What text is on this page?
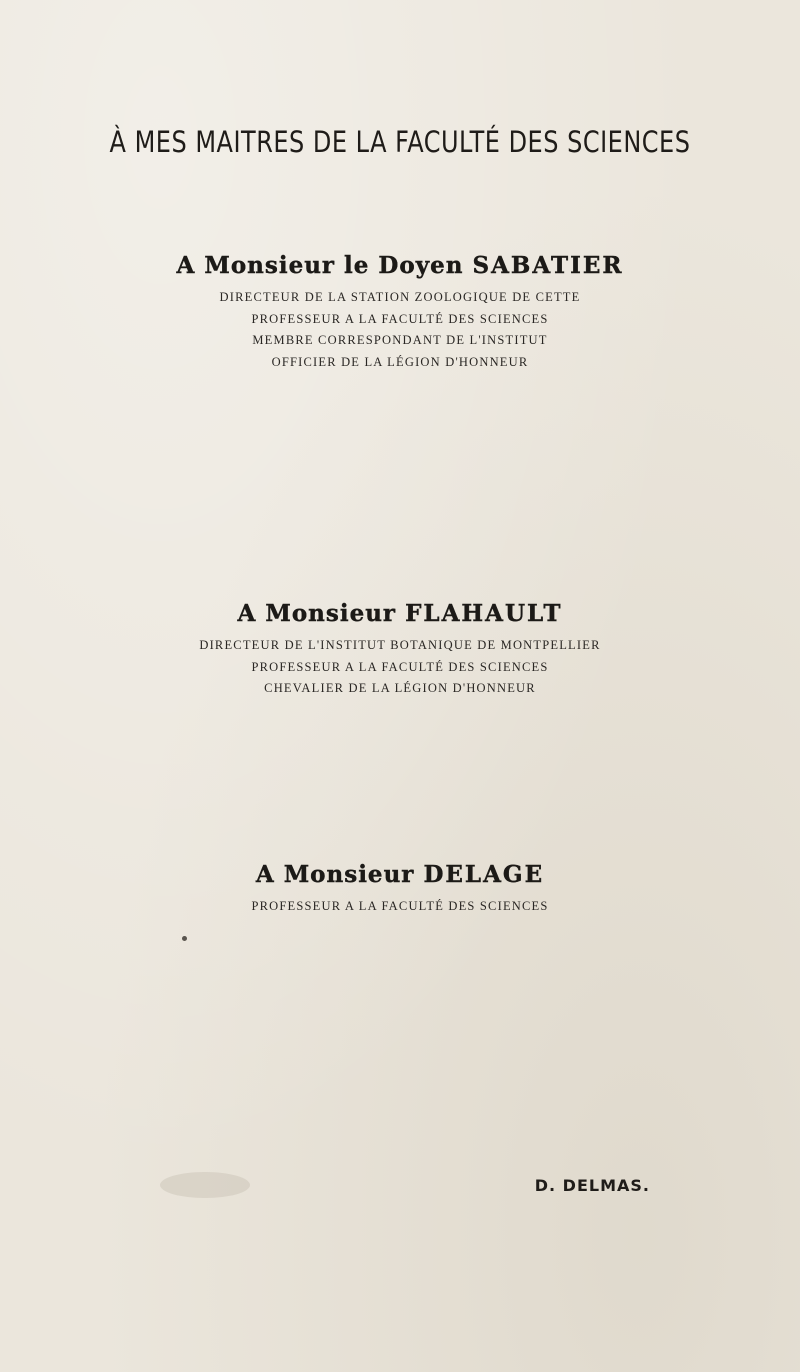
À MES MAITRES DE LA FACULTÉ DES SCIENCES
A Monsieur le Doyen SABATIER
DIRECTEUR DE LA STATION ZOOLOGIQUE DE CETTE
PROFESSEUR A LA FACULTÉ DES SCIENCES
MEMBRE CORRESPONDANT DE L'INSTITUT
OFFICIER DE LA LÉGION D'HONNEUR
A Monsieur FLAHAULT
DIRECTEUR DE L'INSTITUT BOTANIQUE DE MONTPELLIER
PROFESSEUR A LA FACULTÉ DES SCIENCES
CHEVALIER DE LA LÉGION D'HONNEUR
A Monsieur DELAGE
PROFESSEUR A LA FACULTÉ DES SCIENCES
D. DELMAS.
